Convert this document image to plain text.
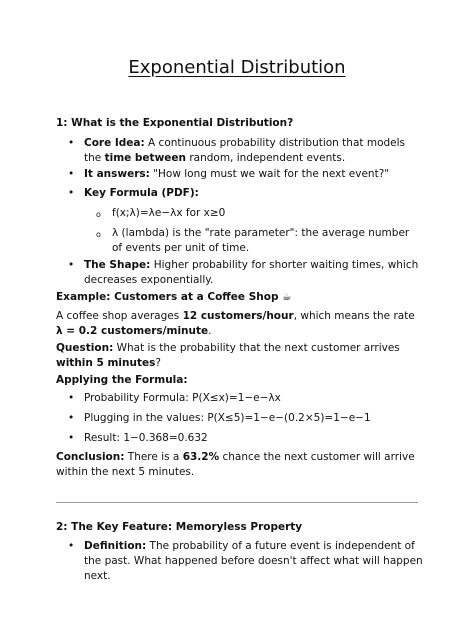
Exponential Distribution
1: What is the Exponential Distribution?
• Core Idea: A continuous probability distribution that models the time between random, independent events.
• It answers: "How long must we wait for the next event?"
• Key Formula (PDF):
o f(x;λ)=λe−λx for x≥0
o λ (lambda) is the "rate parameter": the average number of events per unit of time.
• The Shape: Higher probability for shorter waiting times, which decreases exponentially.
Example: Customers at a Coffee Shop ☕
A coffee shop averages 12 customers/hour, which means the rate λ = 0.2 customers/minute.
Question: What is the probability that the next customer arrives within 5 minutes?
Applying the Formula:
• Probability Formula: P(X≤x)=1−e−λx
• Plugging in the values: P(X≤5)=1−e−(0.2×5)=1−e−1
• Result: 1−0.368=0.632
Conclusion: There is a 63.2% chance the next customer will arrive within the next 5 minutes.
2: The Key Feature: Memoryless Property
• Definition: The probability of a future event is independent of the past. What happened before doesn't affect what will happen next.
